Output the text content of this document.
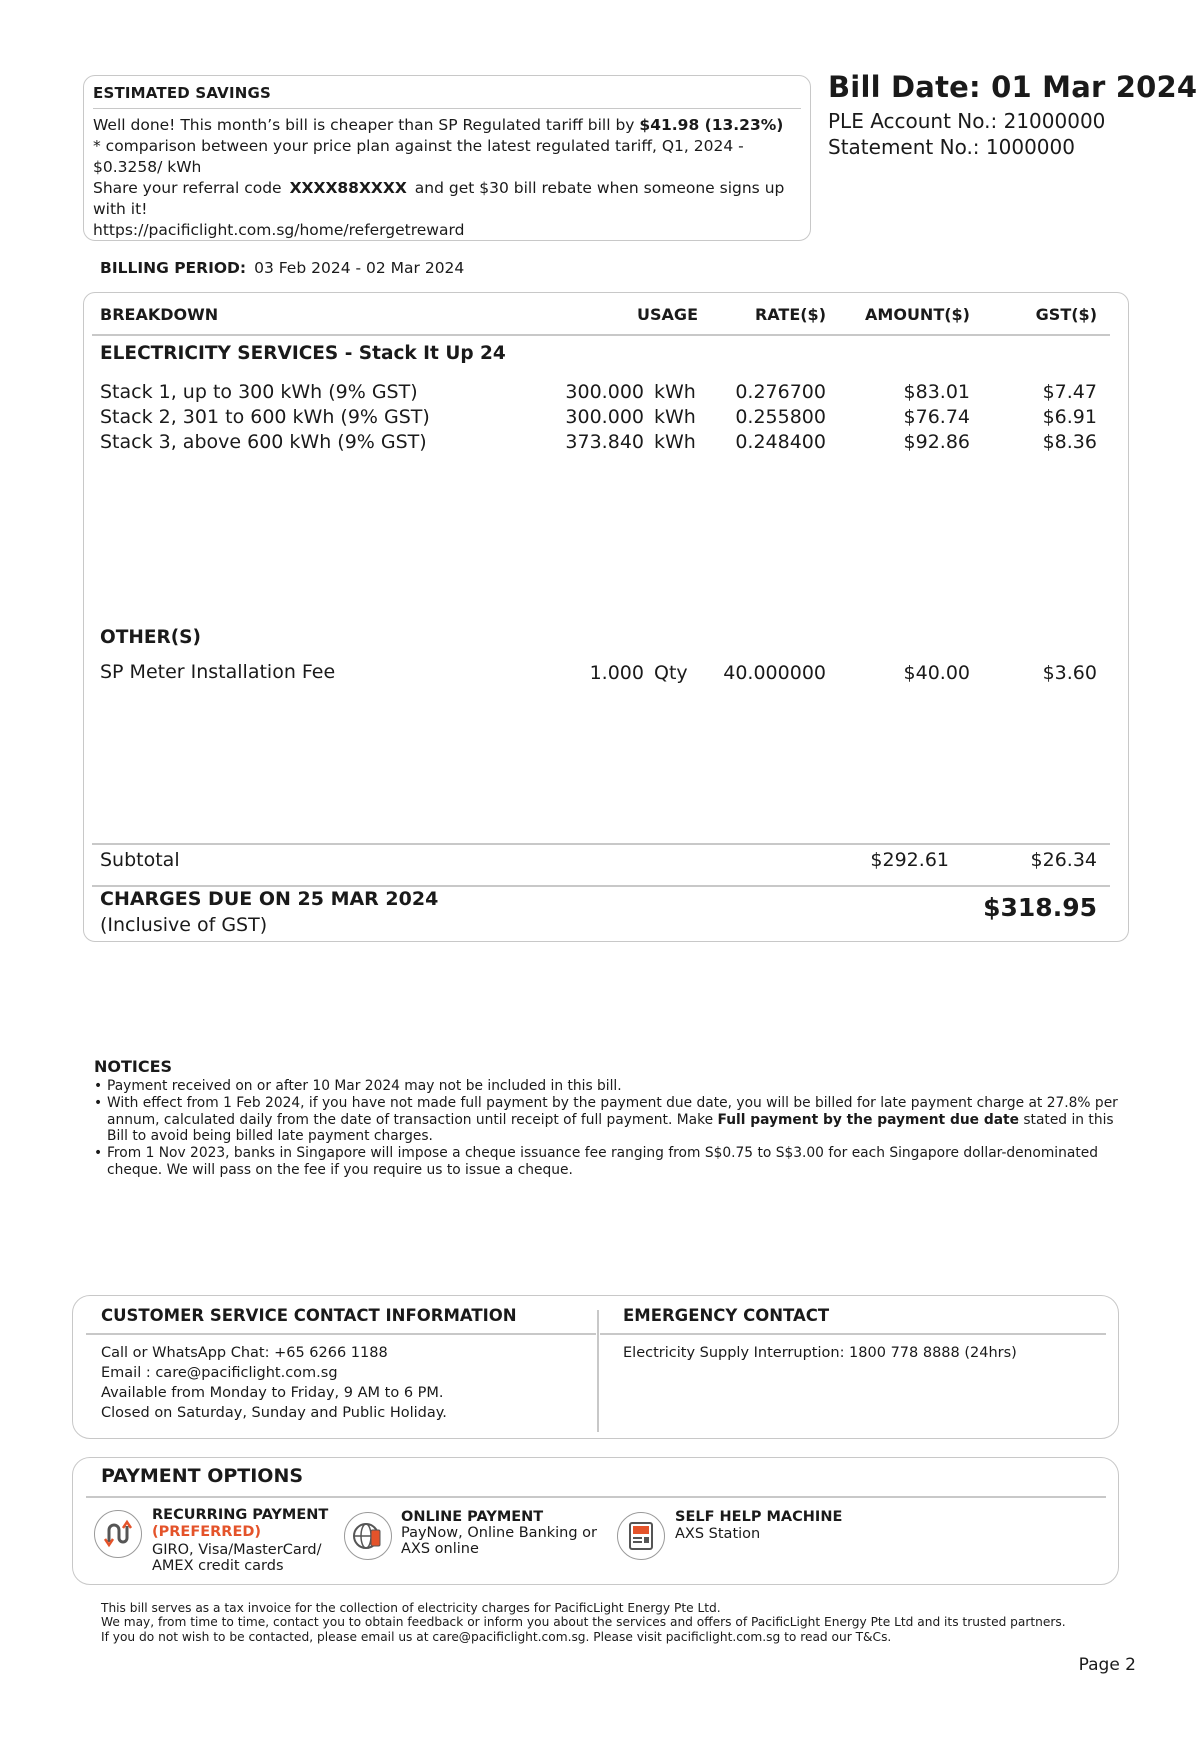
ESTIMATED SAVINGS

Well done! This month’s bill is cheaper than SP Regulated tariff bill by $41.98 (13.23%)

* comparison between your price plan against the latest regulated tariff, Q1, 2024 - $0.3258/ kWh

Share your referral code XXXX88XXXX and get $30 bill rebate when someone signs up with it!

https://pacificlight.com.sg/home/refergetreward

Bill Date: 01 Mar 2024
PLE Account No.: 21000000
Statement No.: 1000000
BILLING PERIOD: 03 Feb 2024 - 02 Mar 2024
BREAKDOWN	USAGE	RATE($) AMOUNT($)	GST($)
ELECTRICITY SERVICES - Stack It Up 24
Stack 1, up to 300 kWh (9% GST)	300.000 kWh 0.276700	$83.01	$7.47
Stack 2, 301 to 600 kWh (9% GST)	300.000 kWh 0.255800	$76.74	$6.91
Stack 3, above 600 kWh (9% GST)	373.840 kWh 0.248400	$92.86	$8.36
OTHER(S)
SP Meter Installation Fee	1.000 Qty 40.000000	$40.00	$3.60
Subtotal	$292.61	$26.34
CHARGES DUE ON 25 MAR 2024
(Inclusive of GST)
$318.95
NOTICES
• Payment received on or after 10 Mar 2024 may not be included in this bill.
• With effect from 1 Feb 2024, if you have not made full payment by the payment due date, you will be billed for late payment charge at 27.8% per annum, calculated daily from the date of transaction until receipt of full payment. Make Full payment by the payment due date stated in this Bill to avoid being billed late payment charges.
• From 1 Nov 2023, banks in Singapore will impose a cheque issuance fee ranging from S$0.75 to S$3.00 for each Singapore dollar-denominated cheque. We will pass on the fee if you require us to issue a cheque.
CUSTOMER SERVICE CONTACT INFORMATION	EMERGENCY CONTACT
Call or WhatsApp Chat: +65 6266 1188
Email : care@pacificlight.com.sg
Available from Monday to Friday, 9 AM to 6 PM.
Closed on Saturday, Sunday and Public Holiday.
Electricity Supply Interruption: 1800 778 8888 (24hrs)
PAYMENT OPTIONS
RECURRING PAYMENT
(PREFERRED)
GIRO, Visa/MasterCard/
AMEX credit cards
ONLINE PAYMENT
PayNow, Online Banking or
AXS online
SELF HELP MACHINE
AXS Station
This bill serves as a tax invoice for the collection of electricity charges for PacificLight Energy Pte Ltd.
We may, from time to time, contact you to obtain feedback or inform you about the services and offers of PacificLight Energy Pte Ltd and its trusted partners.
If you do not wish to be contacted, please email us at care@pacificlight.com.sg. Please visit pacificlight.com.sg to read our T&Cs.
Page 2
